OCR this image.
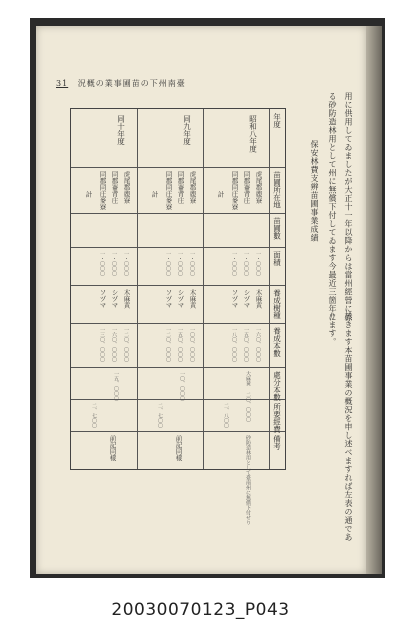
31 況概の業事圃苗の下州南臺
用に供用してゐましたが大正十一年以降からは當州經營に係
る砂防造林用として州に無償下付してゐます今最近三箇年に
保安林費支辨苗圃事業成績
於きます本苗圃事業の概況を申し述べますれば左表の通であ
ります。
年度
苗圃所在地
苗圃數
面積
養成樹種
養成本數
處分本數
所要經費
備考
昭和八年度
虎尾郡鹿寮
同郡崙背庄
同郡同庄麥寮
計
一・〇〇〇
一・〇〇〇
一・〇〇〇
木麻黄
シヅマ
ソヅマ
一六〇、〇〇〇
一五〇、〇〇〇
一八〇、〇〇〇
大麻黄 二〇、〇〇〇
二、八〇〇
砂防造林用として臺南州に無償下付せり
同九年度
虎尾郡鹿寮
同郡崙背庄
同郡同庄麥寮
計
一・〇〇〇
一・〇〇〇
一・〇〇〇
木麻黄
シヅマ
ソヅマ
一〇〇、〇〇〇
一五〇、〇〇〇
一二〇、〇〇〇
一〇、〇〇〇
二、七〇〇
前記同樣
同十年度
虎尾郡鹿寮
同郡崙背庄
同郡同庄麥寮
計
一・〇〇〇
一・〇〇〇
一・〇〇〇
木麻黄
シヅマ
ソヅマ
一二〇、〇〇〇
一六〇、〇〇〇
一三〇、〇〇〇
一五、〇〇〇
二、七〇〇
前記同樣
20030070123_P043
